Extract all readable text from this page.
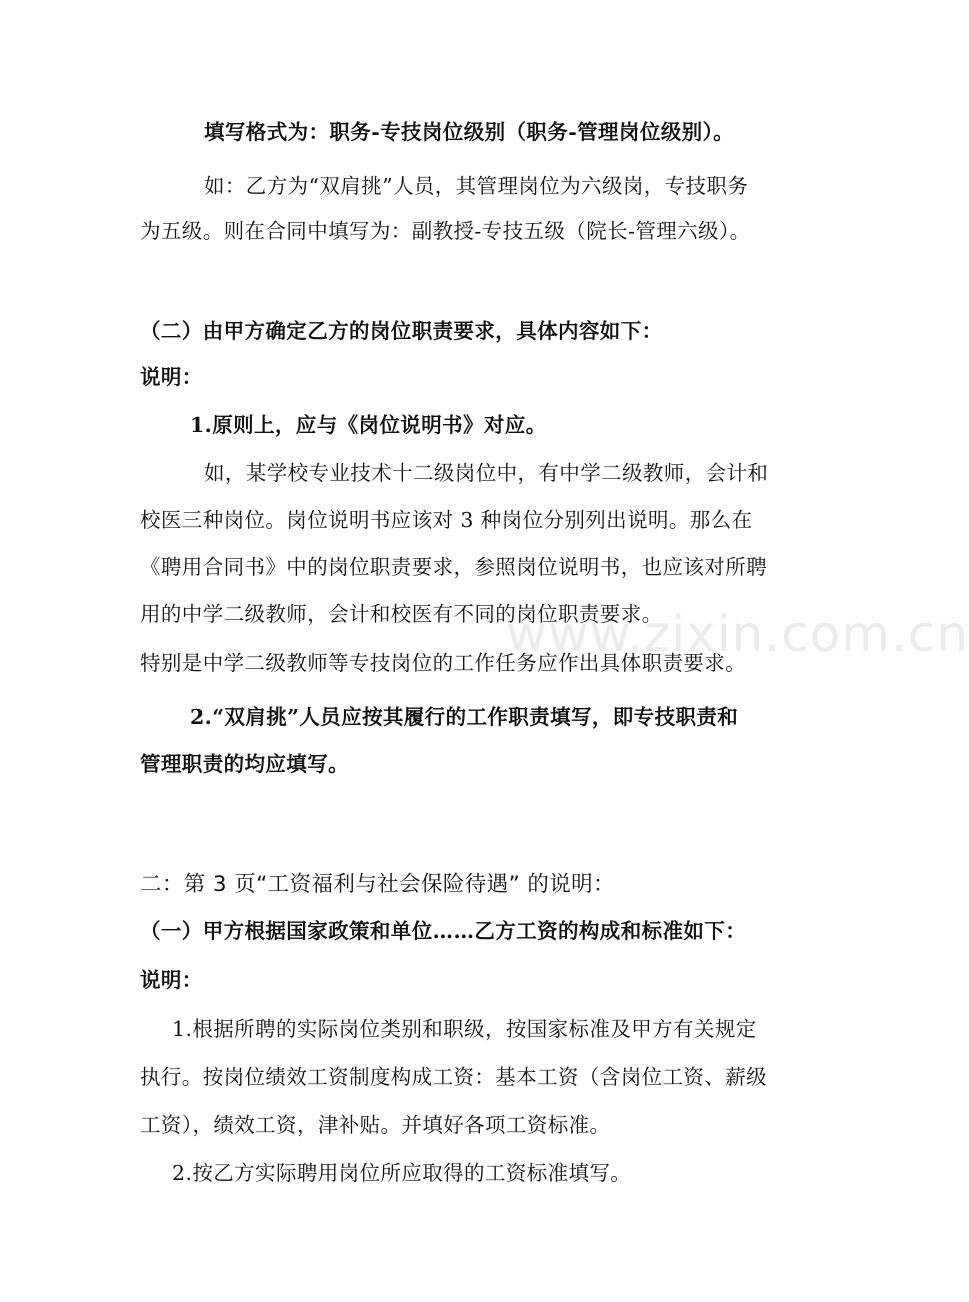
填写格式为：职务-专技岗位级别（职务-管理岗位级别）。
如：乙方为“双肩挑”人员，其管理岗位为六级岗，专技职务
为五级。则在合同中填写为：副教授-专技五级（院长-管理六级）。
（二）由甲方确定乙方的岗位职责要求，具体内容如下：
说明：
1.原则上，应与《岗位说明书》对应。
如，某学校专业技术十二级岗位中，有中学二级教师，会计和
校医三种岗位。岗位说明书应该对 3 种岗位分别列出说明。那么在
《聘用合同书》中的岗位职责要求，参照岗位说明书，也应该对所聘
用的中学二级教师，会计和校医有不同的岗位职责要求。
特别是中学二级教师等专技岗位的工作任务应作出具体职责要求。
2.“双肩挑”人员应按其履行的工作职责填写，即专技职责和
管理职责的均应填写。
二：第 3 页“工资福利与社会保险待遇” 的说明：
（一）甲方根据国家政策和单位……乙方工资的构成和标准如下：
说明：
1.根据所聘的实际岗位类别和职级，按国家标准及甲方有关规定
执行。按岗位绩效工资制度构成工资：基本工资（含岗位工资、薪级
工资），绩效工资，津补贴。并填好各项工资标准。
2.按乙方实际聘用岗位所应取得的工资标准填写。
www.zixin.com.cn
